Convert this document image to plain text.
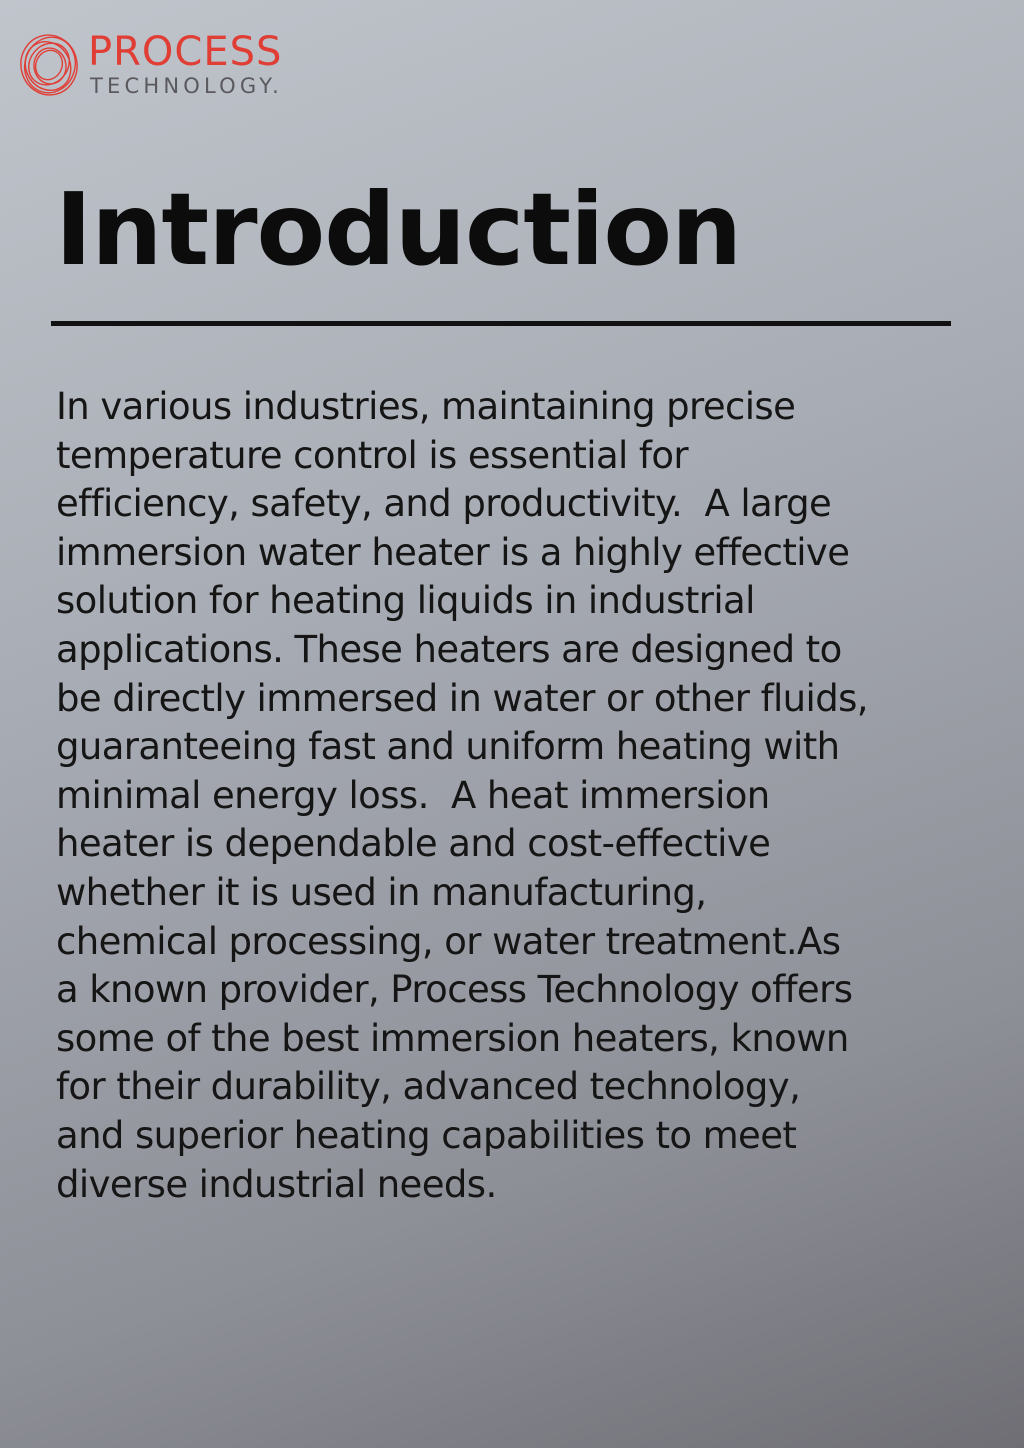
PROCESS
TECHNOLOGY.
Introduction

In various industries, maintaining precise
temperature control is essential for
efficiency, safety, and productivity.  A large
immersion water heater is a highly effective
solution for heating liquids in industrial
applications. These heaters are designed to
be directly immersed in water or other fluids,
guaranteeing fast and uniform heating with
minimal energy loss.  A heat immersion
heater is dependable and cost-effective
whether it is used in manufacturing,
chemical processing, or water treatment.As
a known provider, Process Technology offers
some of the best immersion heaters, known
for their durability, advanced technology,
and superior heating capabilities to meet
diverse industrial needs.
